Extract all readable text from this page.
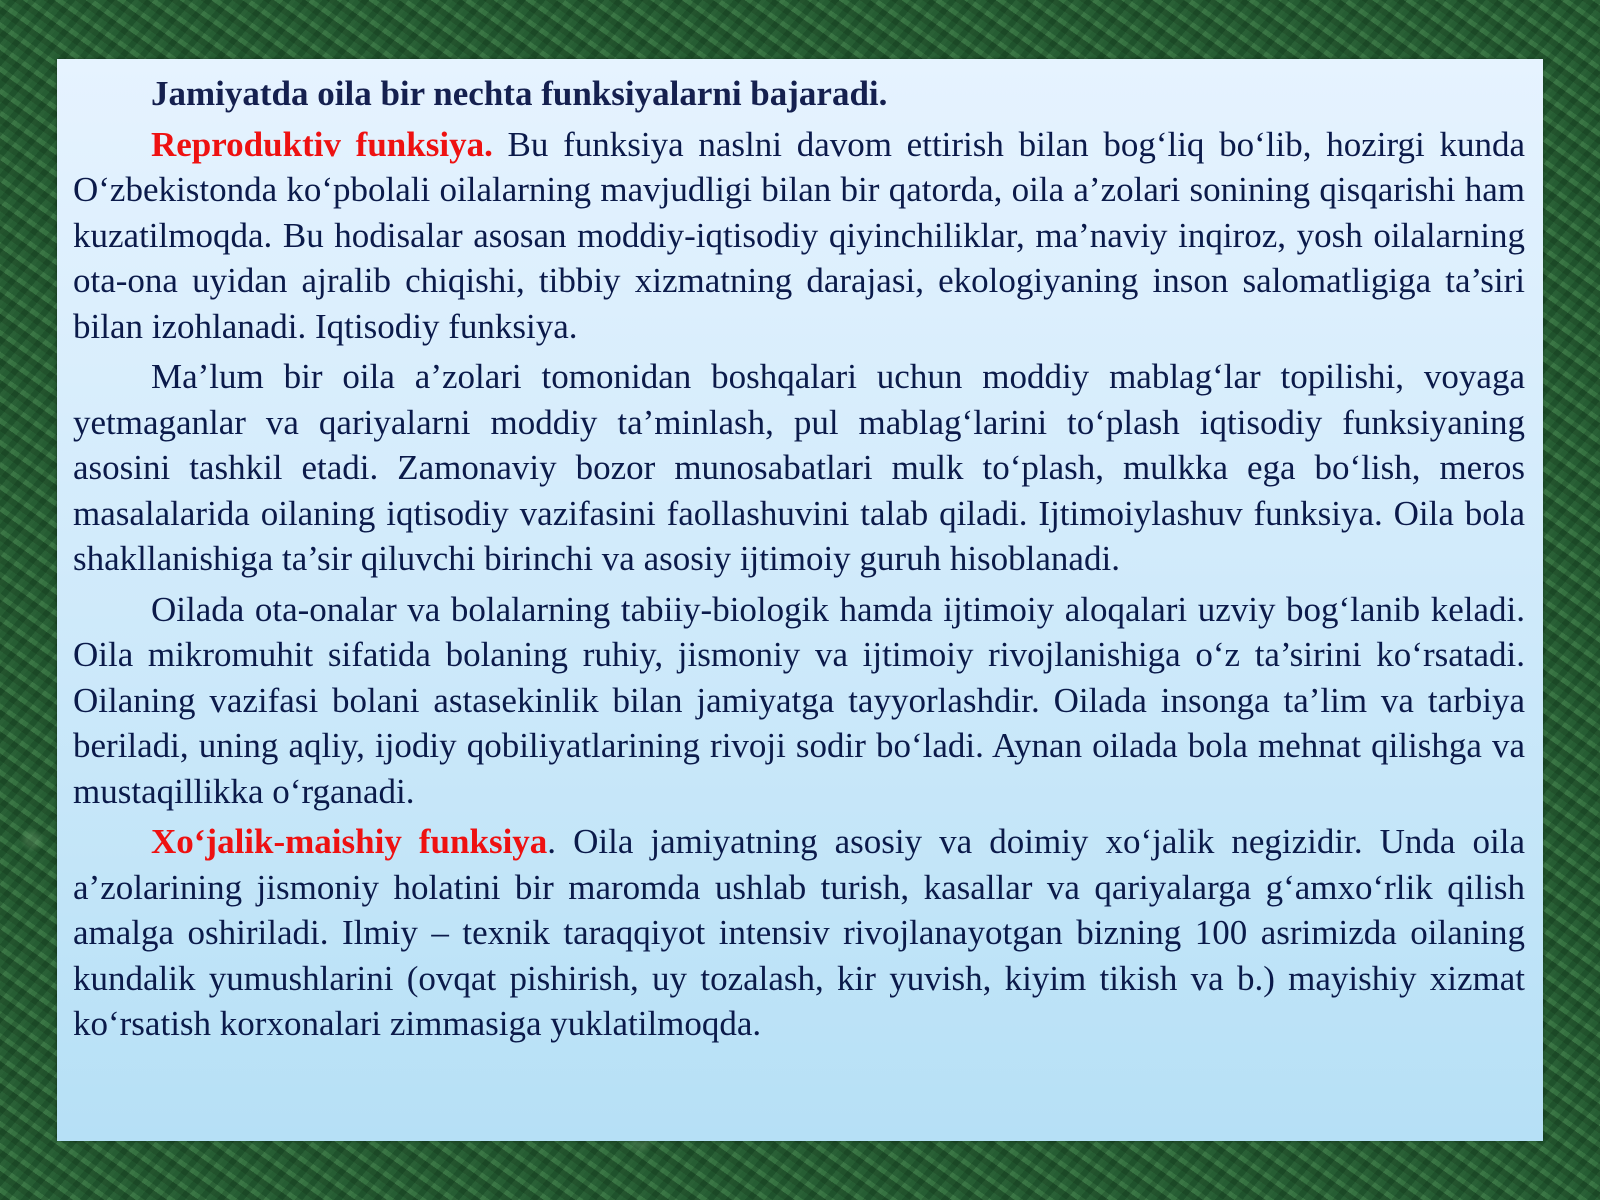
Jamiyatda oila bir nechta funksiyalarni bajaradi.

Reproduktiv funksiya. Bu funksiya naslni davom ettirish bilan bog‘liq bo‘lib, hozirgi kunda O‘zbekistonda ko‘pbolali oilalarning mavjudligi bilan bir qatorda, oila a’zolari sonining qisqarishi ham kuzatilmoqda. Bu hodisalar asosan moddiy-iqtisodiy qiyinchiliklar, ma’naviy inqiroz, yosh oilalarning ota-ona uyidan ajralib chiqishi, tibbiy xizmatning darajasi, ekologiyaning inson salomatligiga ta’siri bilan izohlanadi. Iqtisodiy funksiya.

Ma’lum bir oila a’zolari tomonidan boshqalari uchun moddiy mablag‘lar topilishi, voyaga yetmaganlar va qariyalarni moddiy ta’minlash, pul mablag‘larini to‘plash iqtisodiy funksiyaning asosini tashkil etadi. Zamonaviy bozor munosabatlari mulk to‘plash, mulkka ega bo‘lish, meros masalalarida oilaning iqtisodiy vazifasini faollashuvini talab qiladi. Ijtimoiylashuv funksiya. Oila bola shakllanishiga ta’sir qiluvchi birinchi va asosiy ijtimoiy guruh hisoblanadi.

Oilada ota-onalar va bolalarning tabiiy-biologik hamda ijtimoiy aloqalari uzviy bog‘lanib keladi. Oila mikromuhit sifatida bolaning ruhiy, jismoniy va ijtimoiy rivojlanishiga o‘z ta’sirini ko‘rsatadi. Oilaning vazifasi bolani astasekinlik bilan jamiyatga tayyorlashdir. Oilada insonga ta’lim va tarbiya beriladi, uning aqliy, ijodiy qobiliyatlarining rivoji sodir bo‘ladi. Aynan oilada bola mehnat qilishga va mustaqillikka o‘rganadi.

Xo‘jalik-maishiy funksiya. Oila jamiyatning asosiy va doimiy xo‘jalik negizidir. Unda oila a’zolarining jismoniy holatini bir maromda ushlab turish, kasallar va qariyalarga g‘amxo‘rlik qilish amalga oshiriladi. Ilmiy – texnik taraqqiyot intensiv rivojlanayotgan bizning 100 asrimizda oilaning kundalik yumushlarini (ovqat pishirish, uy tozalash, kir yuvish, kiyim tikish va b.) mayishiy xizmat ko‘rsatish korxonalari zimmasiga yuklatilmoqda.
